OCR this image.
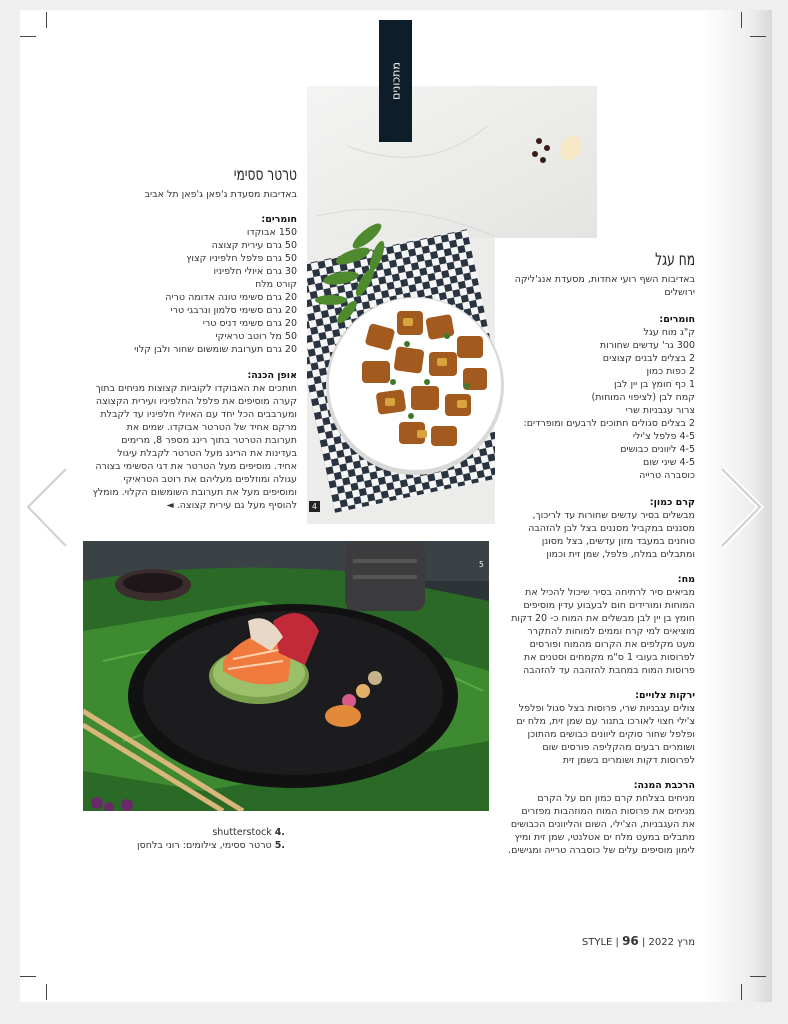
4
מתכונים
5
טרטר ססימי
באדיבות מסעדת ג'פאן ג'פאן תל אביב
חומרים:
150 אבוקדו
50 גרם עירית קצוצה
50 גרם פלפל חלפיניו קצוץ
30 גרם איולי חלפיניו
קורט מלח
20 גרם סשימי טונה אדומה טריה
20 גרם סשימי סלמון ונרבגי טרי
20 גרם סשימי דניס טרי
50 מל רוטב טראיקי
20 גרם תערובת שומשום שחור ולבן קלוי
אופן הכנה:
חותכים את האבוקדו לקוביות קצוצות מניחים בתוך קערה מוסיפים את פלפל החלפיניו ועירית הקצוצה ומערבבים הכל יחד עם האיולי חלפיניו עד לקבלת מרקם אחיד של הטרטר אבוקדו. שמים את תערובת הטרטר בתוך רינג מספר 8, מרימים בעדינות את הרינג מעל הטרטר לקבלת עיגול אחיד. מוסיפים מעל הטרטר את דגי הסשימי בצורה עגולה ומוזלפים מעליהם את רוטב הטראיקי ומוסיפים מעל את תערובת השומשום הקלוי. מומלץ להוסיף מעל גם עירית קצוצה. ◄
מח עגל
באדיבות השף רועי אחדות, מסעדת אנג'ליקה ירושלים
חומרים:
ק"ג מוח עגל
300 גר' עדשים שחורות
2 בצלים לבנים קצוצים
2 כפות כמון
1 כף חומץ בן יין לבן
קמח לבן (לציפוי המוחות)
צרור עגבניות שרי
2 בצלים סגולים חתוכים לרבעים ומופרדים:
4-5 פלפל צ'ילי
4-5 ליוונים כבושים
4-5 שיני שום
כוסברה טרייה
קרם כמון:
מבשלים בסיר עדשים שחורות עד לריכוך, מסננים במקביל מסננים בצל לבן להזהבה טוחנים במעבד מזון עדשים, בצל מסונן ומתבלים במלח, פלפל, שמן זית וכמון
מח:
מביאים סיר לרתיחה בסיר שיכול להכיל את המוחות ומורידים חום לבעבוע עדין מוסיפים חומץ בן יין לבן מבשלים את המוח כ- 20 דקות מוציאים למי קרח וממים למוחות להתקרר מעט מקלפים את הקרום מהמוח ופורסים לפרוסות בעובי 1 ס"מ מקמחים וסטנים את פרוסות המוח במחבת להזהבה עד להזהבה
ירקות צלויים:
צולים עגבניות שרי, פרוסות בצל סגול ופלפל צ'ילי חצוי לאורכו בתנור עם שמן זית, מלח ים ופלפל שחור סוקים ליוונים כבושים מהתוכן ושומרים רבעים מהקליפה פורסים שום לפרוסות דקות ושומרים בשמן זית
הרכבת המנה:
מניחים בצלחת קרם כמון חם על הקרם מניחים את פרוסות המוח המוזהבות מפזרים את העגבניות, הצ'ילי, השום והליוונים הכבושים מתבלים במעט מלח ים אטלנטי, שמן זית ומיץ לימון מוסיפים עלים של כוסברה טרייה ומגישים.
.4 shutterstock
.5 טרטר ססימי, צילומים: רוני בלחסן
STYLE | מרץ 2022 | 96
